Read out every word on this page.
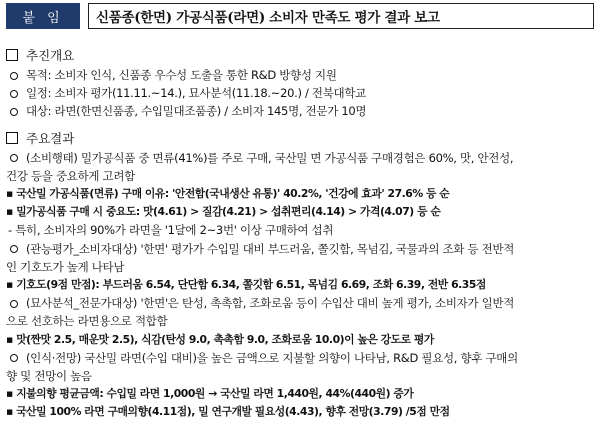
붙 임	신품종(한면) 가공식품(라면) 소비자 만족도 평가 결과 보고
추진개요
목적: 소비자 인식, 신품종 우수성 도출을 통한 R&D 방향성 지원
일정: 소비자 평가(11.11.~14.), 묘사분석(11.18.~20.) / 전북대학교
대상: 라면(한면신품종, 수입밀대조품종) / 소비자 145명, 전문가 10명
주요결과
(소비행태) 밀가공식품 중 면류(41%)를 주로 구매, 국산밀 면 가공식품 구매경험은 60%, 맛, 안전성,
건강 등을 중요하게 고려함
▪ 국산밀 가공식품(면류) 구매 이유: '안전함(국내생산 유통)' 40.2%, '건강에 효과' 27.6% 등 순
▪ 밀가공식품 구매 시 중요도: 맛(4.61) > 질감(4.21) > 섭취편리(4.14) > 가격(4.07) 등 순
- 특히, 소비자의 90%가 라면을 '1달에 2~3번' 이상 구매하여 섭취
(관능평가_소비자대상) '한면' 평가가 수입밀 대비 부드러움, 쫄깃함, 목넘김, 국물과의 조화 등 전반적
인 기호도가 높게 나타남
▪ 기호도(9점 만점): 부드러움 6.54, 단단함 6.34, 쫄깃함 6.51, 목넘김 6.69, 조화 6.39, 전반 6.35점
(묘사분석_전문가대상) '한면'은 탄성, 촉촉함, 조화로움 등이 수입산 대비 높게 평가, 소비자가 일반적
으로 선호하는 라면용으로 적합함
▪ 맛(짠맛 2.5, 매운맛 2.5), 식감(탄성 9.0, 촉촉함 9.0, 조화로움 10.0)이 높은 강도로 평가
(인식·전망) 국산밀 라면(수입 대비)을 높은 금액으로 지불할 의향이 나타남, R&D 필요성, 향후 구매의
향 및 전망이 높음
▪ 지불의향 평균금액: 수입밀 라면 1,000원 → 국산밀 라면 1,440원, 44%(440원) 증가
▪ 국산밀 100% 라면 구매의향(4.11점), 밀 연구개발 필요성(4.43), 향후 전망(3.79) /5점 만점
